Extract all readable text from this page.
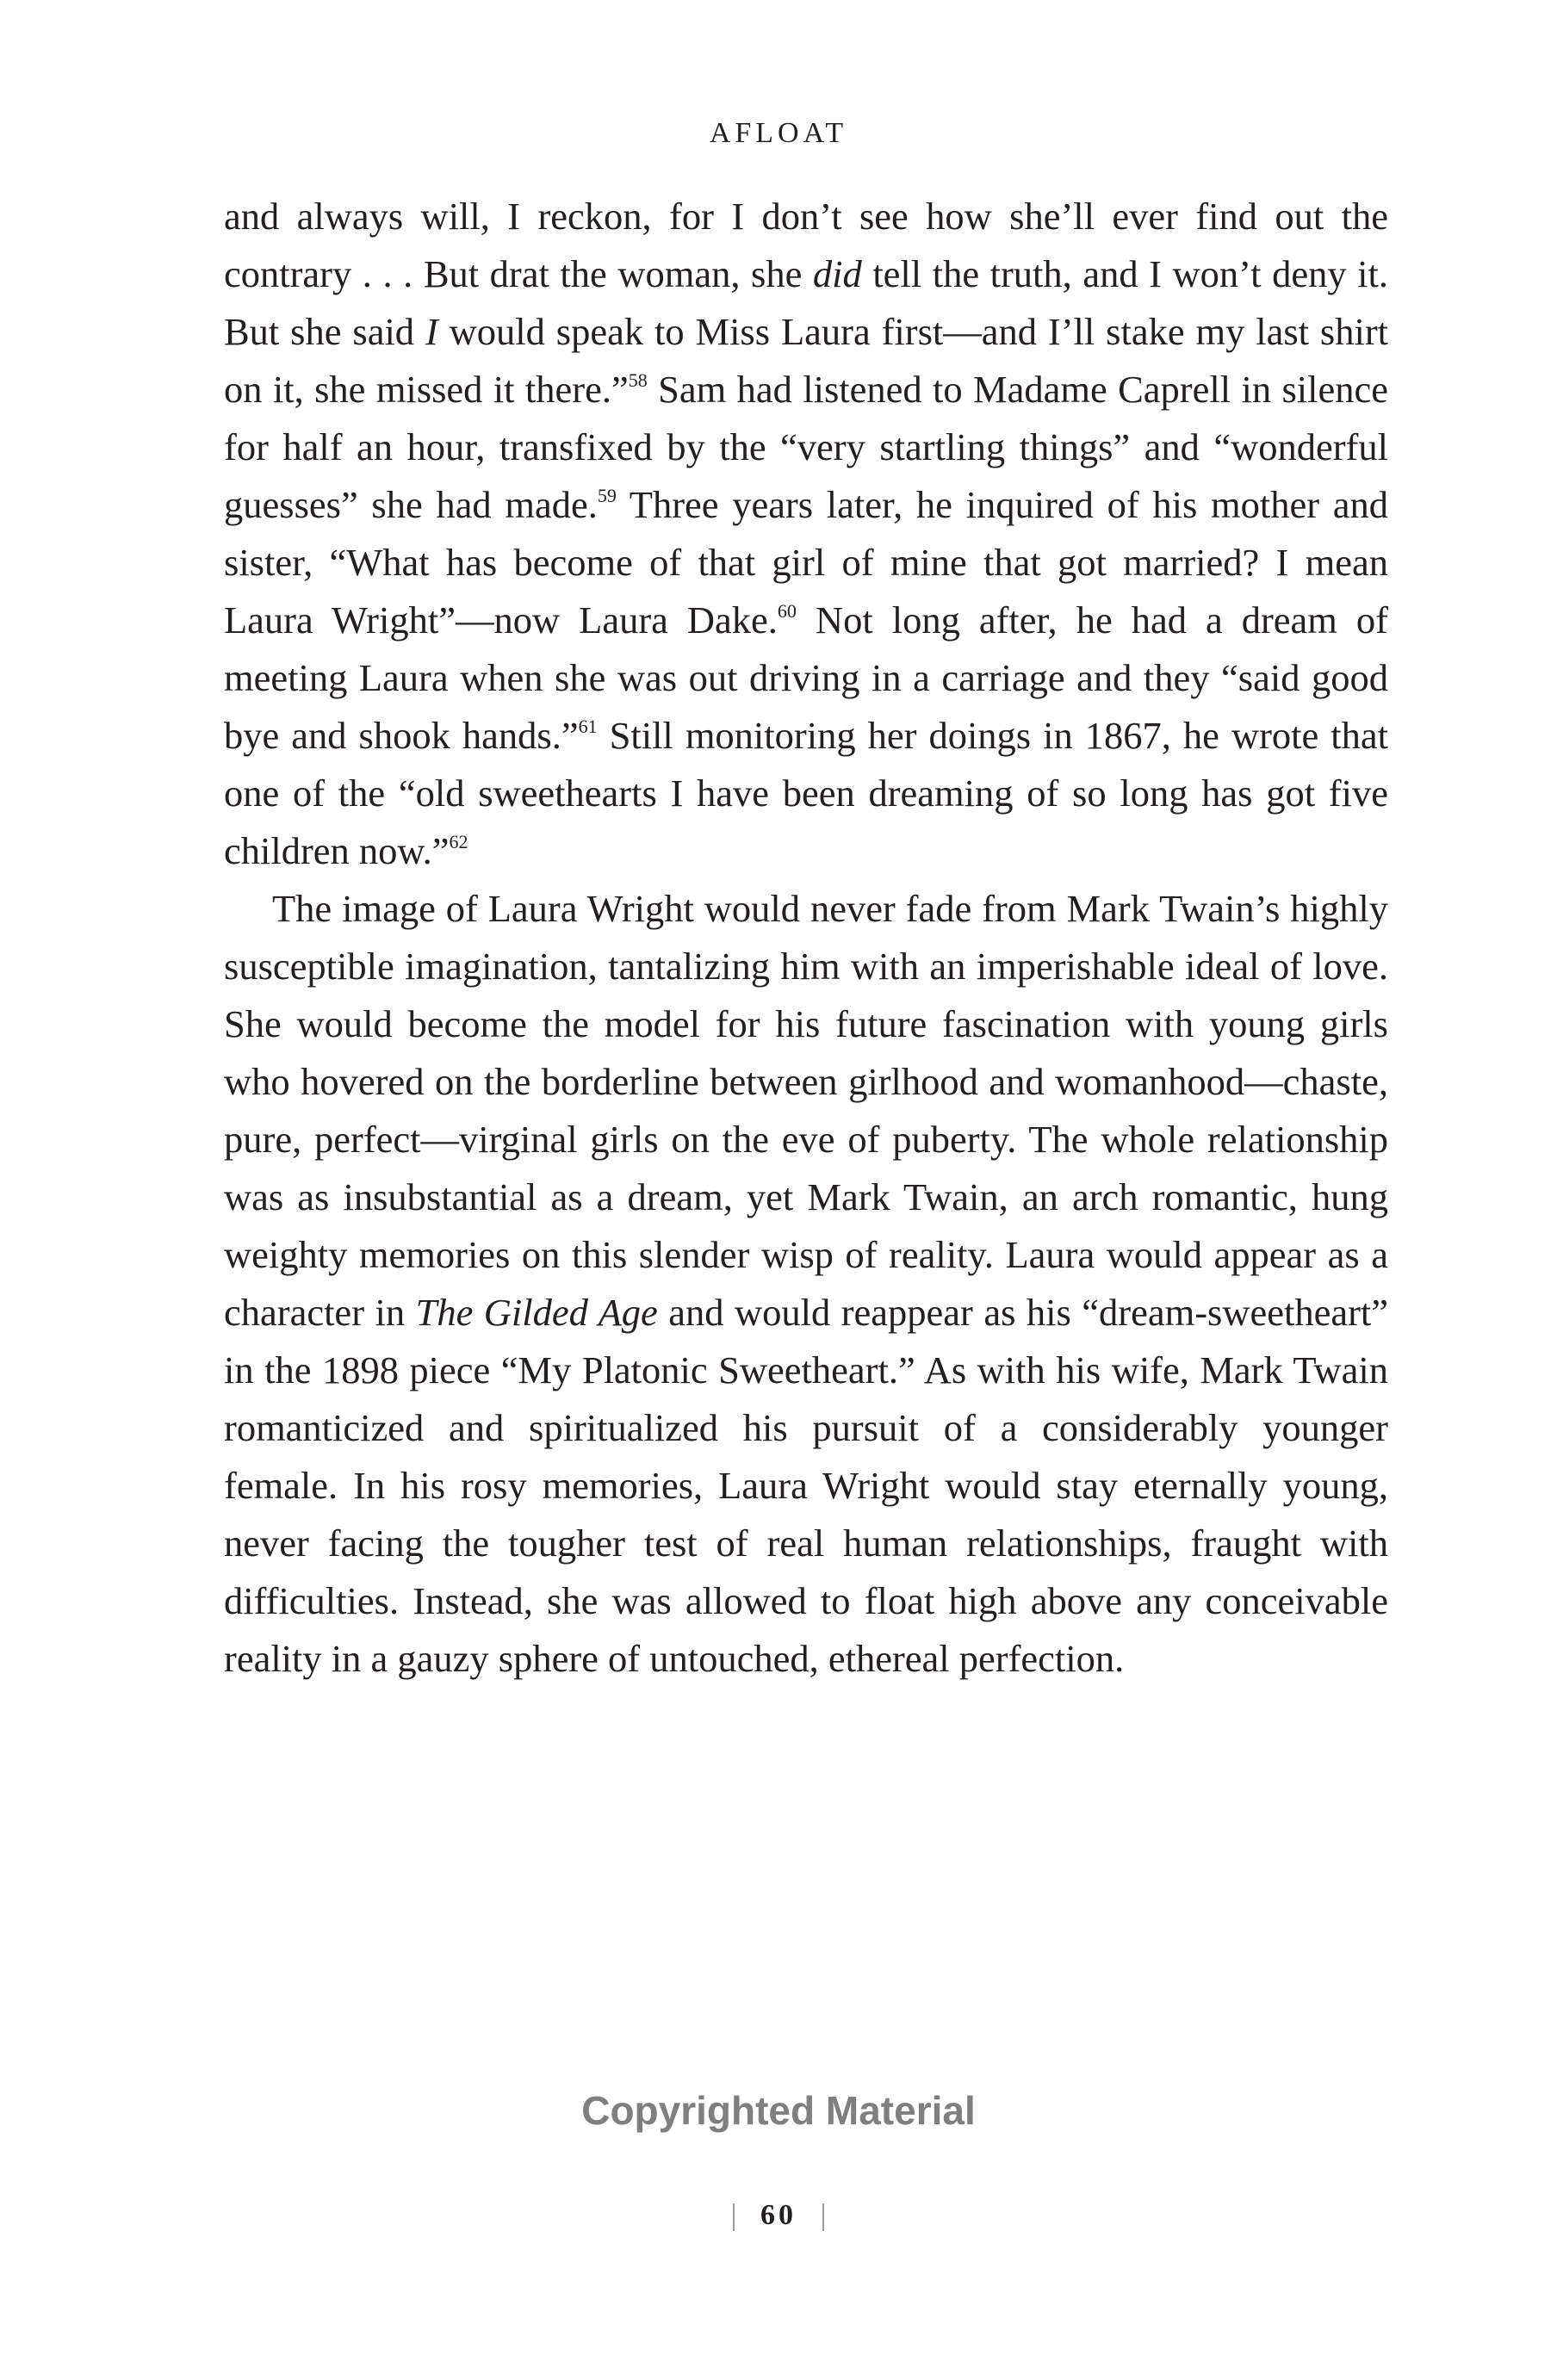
AFLOAT

and always will, I reckon, for I don’t see how she’ll ever find out the contrary . . . But drat the woman, she did tell the truth, and I won’t deny it. But she said I would speak to Miss Laura first—and I’ll stake my last shirt on it, she missed it there.”$^{58}$ Sam had listened to Madame Caprell in silence for half an hour, transfixed by the “very startling things” and “wonderful guesses” she had made.$^{59}$ Three years later, he inquired of his mother and sister, “What has become of that girl of mine that got married? I mean Laura Wright”—now Laura Dake.$^{60}$ Not long after, he had a dream of meeting Laura when she was out driving in a carriage and they “said good bye and shook hands.”$^{61}$ Still monitoring her doings in 1867, he wrote that one of the “old sweethearts I have been dreaming of so long has got five children now.”$^{62}$

The image of Laura Wright would never fade from Mark Twain’s highly susceptible imagination, tantalizing him with an imperishable ideal of love. She would become the model for his future fascination with young girls who hovered on the borderline between girlhood and womanhood—chaste, pure, perfect—virginal girls on the eve of puberty. The whole relationship was as insubstantial as a dream, yet Mark Twain, an arch romantic, hung weighty memories on this slender wisp of reality. Laura would appear as a character in The Gilded Age and would reappear as his “dream-sweetheart” in the 1898 piece “My Platonic Sweetheart.” As with his wife, Mark Twain romanticized and spiritualized his pursuit of a considerably younger female. In his rosy memories, Laura Wright would stay eternally young, never facing the tougher test of real human relationships, fraught with difficulties. Instead, she was allowed to float high above any conceivable reality in a gauzy sphere of untouched, ethereal perfection.

Copyrighted Material
60
